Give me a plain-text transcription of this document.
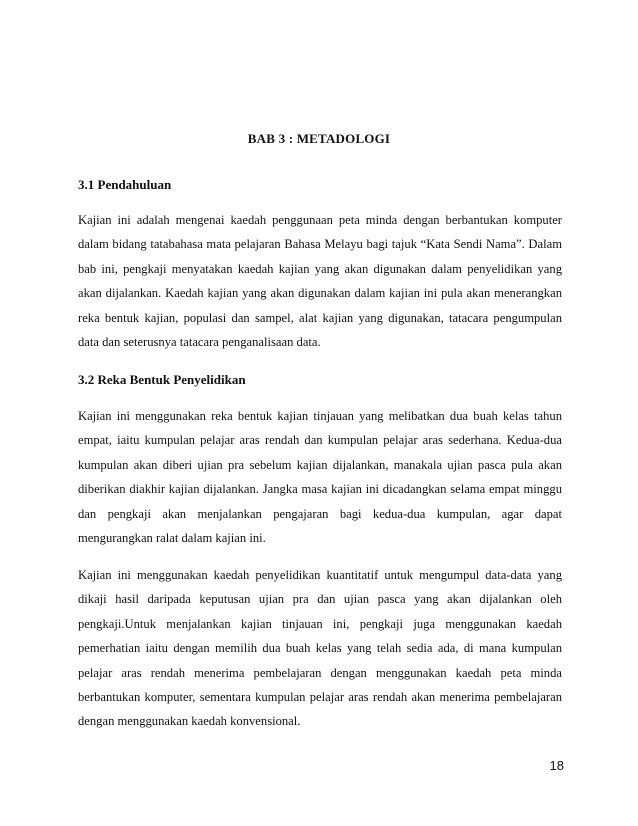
BAB 3 : METADOLOGI
3.1 Pendahuluan

Kajian ini adalah mengenai kaedah penggunaan peta minda dengan berbantukan komputer dalam bidang tatabahasa mata pelajaran Bahasa Melayu bagi tajuk “Kata Sendi Nama”. Dalam bab ini, pengkaji menyatakan kaedah kajian yang akan digunakan dalam penyelidikan yang akan dijalankan. Kaedah kajian yang akan digunakan dalam kajian ini pula akan menerangkan reka bentuk kajian, populasi dan sampel, alat kajian yang digunakan, tatacara pengumpulan data dan seterusnya tatacara penganalisaan data.

3.2 Reka Bentuk Penyelidikan

Kajian ini menggunakan reka bentuk kajian tinjauan yang melibatkan dua buah kelas tahun empat, iaitu kumpulan pelajar aras rendah dan kumpulan pelajar aras sederhana. Kedua-dua kumpulan akan diberi ujian pra sebelum kajian dijalankan, manakala ujian pasca pula akan diberikan diakhir kajian dijalankan. Jangka masa kajian ini dicadangkan selama empat minggu dan pengkaji akan menjalankan pengajaran bagi kedua-dua kumpulan, agar dapat mengurangkan ralat dalam kajian ini.

Kajian ini menggunakan kaedah penyelidikan kuantitatif untuk mengumpul data-data yang dikaji hasil daripada keputusan ujian pra dan ujian pasca yang akan dijalankan oleh pengkaji.Untuk menjalankan kajian tinjauan ini, pengkaji juga menggunakan kaedah pemerhatian iaitu dengan memilih dua buah kelas yang telah sedia ada, di mana kumpulan pelajar aras rendah menerima pembelajaran dengan menggunakan kaedah peta minda berbantukan komputer, sementara kumpulan pelajar aras rendah akan menerima pembelajaran dengan menggunakan kaedah konvensional.

18
